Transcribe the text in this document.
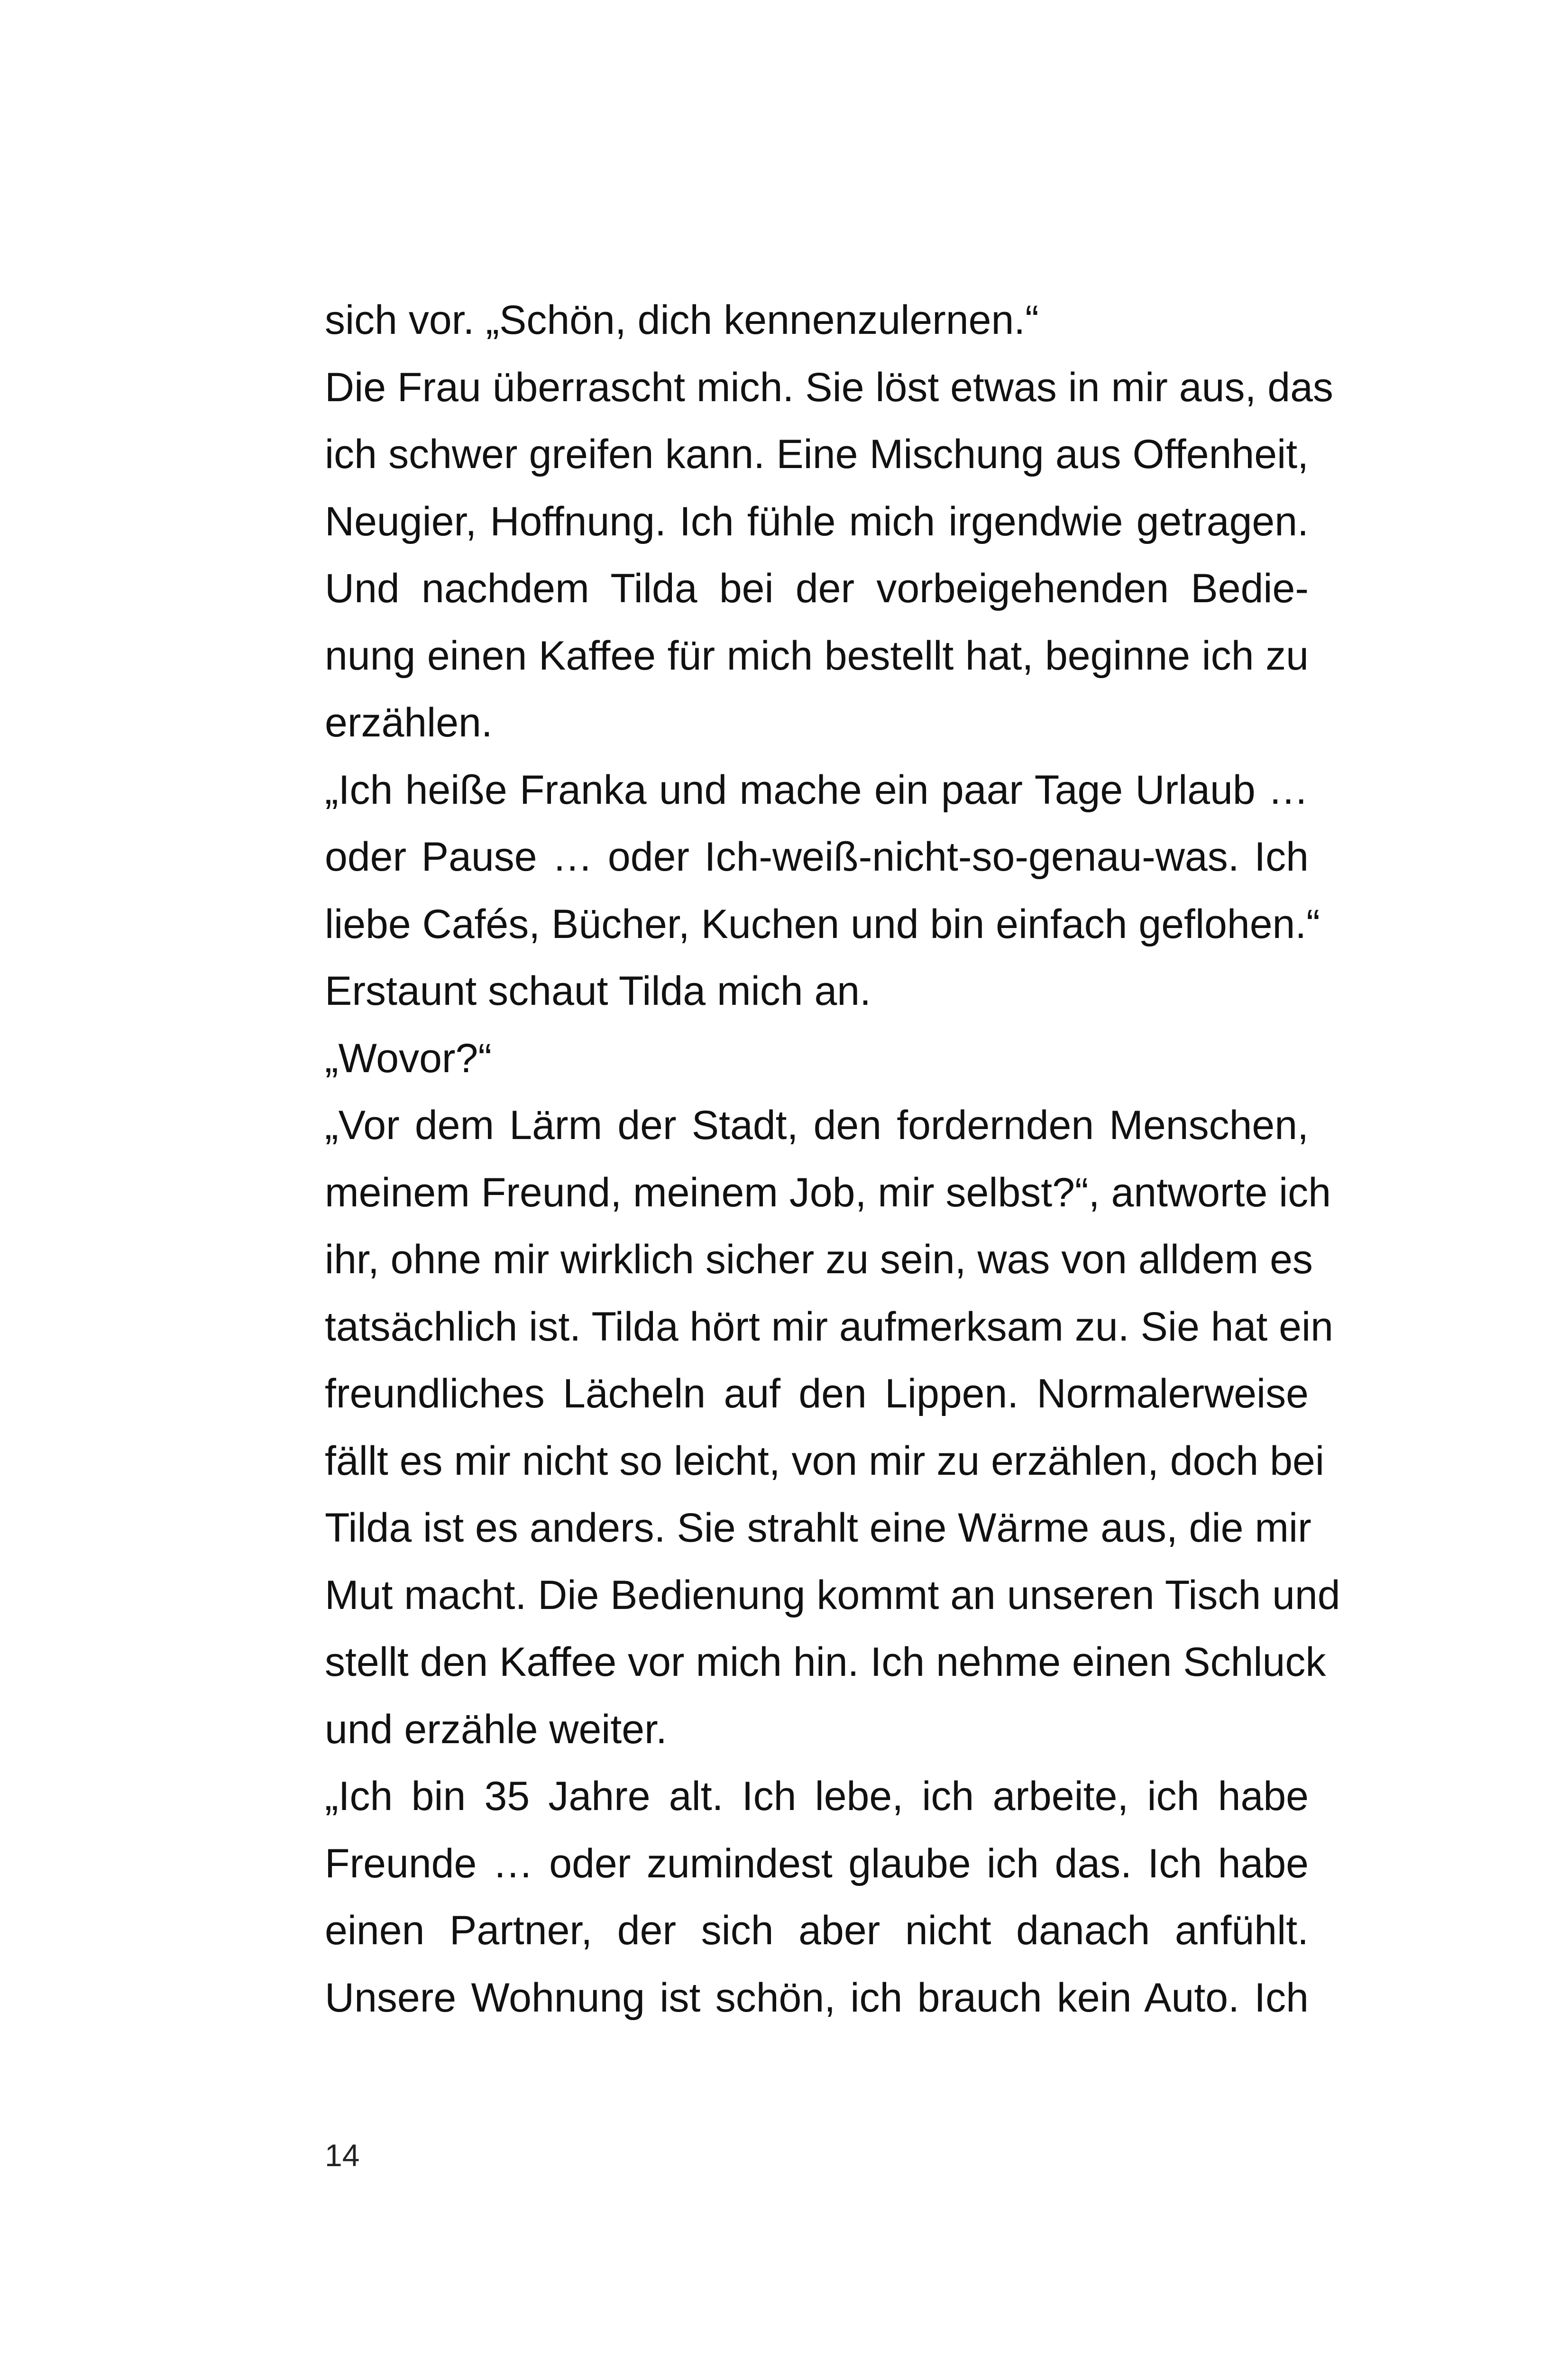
sich vor. „Schön, dich kennenzulernen.“
Die Frau überrascht mich. Sie löst etwas in mir aus, das
ich schwer greifen kann. Eine Mischung aus Offenheit,
Neugier, Hoffnung. Ich fühle mich irgendwie getragen.
Und nachdem Tilda bei der vorbeigehenden Bedie-
nung einen Kaffee für mich bestellt hat, beginne ich zu
erzählen.
„Ich heiße Franka und mache ein paar Tage Urlaub …
oder Pause … oder Ich-weiß-nicht-so-genau-was. Ich
liebe Cafés, Bücher, Kuchen und bin einfach geflohen.“
Erstaunt schaut Tilda mich an.
„Wovor?“
„Vor dem Lärm der Stadt, den fordernden Menschen,
meinem Freund, meinem Job, mir selbst?“, antworte ich
ihr, ohne mir wirklich sicher zu sein, was von alldem es
tatsächlich ist. Tilda hört mir aufmerksam zu. Sie hat ein
freundliches Lächeln auf den Lippen. Normalerweise
fällt es mir nicht so leicht, von mir zu erzählen, doch bei
Tilda ist es anders. Sie strahlt eine Wärme aus, die mir
Mut macht. Die Bedienung kommt an unseren Tisch und
stellt den Kaffee vor mich hin. Ich nehme einen Schluck
und erzähle weiter.
„Ich bin 35 Jahre alt. Ich lebe, ich arbeite, ich habe
Freunde … oder zumindest glaube ich das. Ich habe
einen Partner, der sich aber nicht danach anfühlt.
Unsere Wohnung ist schön, ich brauch kein Auto. Ich
14
